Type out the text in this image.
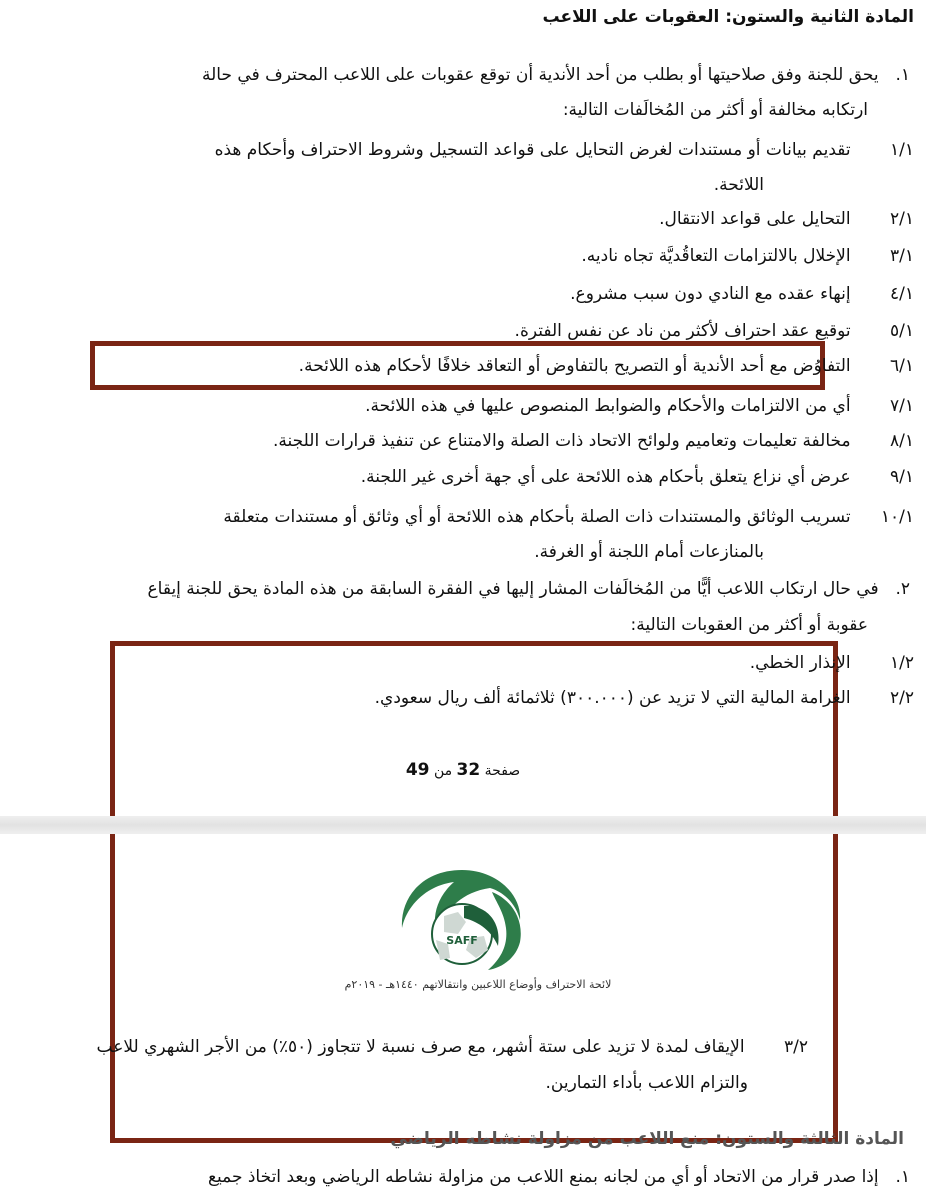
المادة الثانية والستون: العقوبات على اللاعب
١. يحق للجنة وفق صلاحيتها أو بطلب من أحد الأندية أن توقع عقوبات على اللاعب المحترف في حالة
ارتكابه مخالفة أو أكثر من المُخالَفات التالية:
١/١ تقديم بيانات أو مستندات لغرض التحايل على قواعد التسجيل وشروط الاحتراف وأحكام هذه
اللائحة.
٢/١ التحايل على قواعد الانتقال.
٣/١ الإخلال بالالتزامات التعاقُديَّة تجاه ناديه.
٤/١ إنهاء عقده مع النادي دون سبب مشروع.
٥/١ توقيع عقد احتراف لأكثر من ناد عن نفس الفترة.
٦/١ التفاوُض مع أحد الأندية أو التصريح بالتفاوض أو التعاقد خلافًا لأحكام هذه اللائحة.
٧/١ أي من الالتزامات والأحكام والضوابط المنصوص عليها في هذه اللائحة.
٨/١ مخالفة تعليمات وتعاميم ولوائح الاتحاد ذات الصلة والامتناع عن تنفيذ قرارات اللجنة.
٩/١ عرض أي نزاع يتعلق بأحكام هذه اللائحة على أي جهة أخرى غير اللجنة.
١٠/١ تسريب الوثائق والمستندات ذات الصلة بأحكام هذه اللائحة أو أي وثائق أو مستندات متعلقة
بالمنازعات أمام اللجنة أو الغرفة.
٢. في حال ارتكاب اللاعب أيًّا من المُخالَفات المشار إليها في الفقرة السابقة من هذه المادة يحق للجنة إيقاع
عقوبة أو أكثر من العقوبات التالية:
١/٢ الإنذار الخطي.
٢/٢ الغرامة المالية التي لا تزيد عن (٣٠٠.٠٠٠) ثلاثمائة ألف ريال سعودي.
صفحة 32 من 49
SAFF
لائحة الاحتراف وأوضاع اللاعبين وانتقالاتهم ١٤٤٠هـ - ٢٠١٩م
٣/٢ الإيقاف لمدة لا تزيد على ستة أشهر، مع صرف نسبة لا تتجاوز (٥٠٪) من الأجر الشهري للاعب
والتزام اللاعب بأداء التمارين.
المادة الثالثة والستون: منع اللاعب من مزاولة نشاطه الرياضي
١. إذا صدر قرار من الاتحاد أو أي من لجانه بمنع اللاعب من مزاولة نشاطه الرياضي وبعد اتخاذ جميع
